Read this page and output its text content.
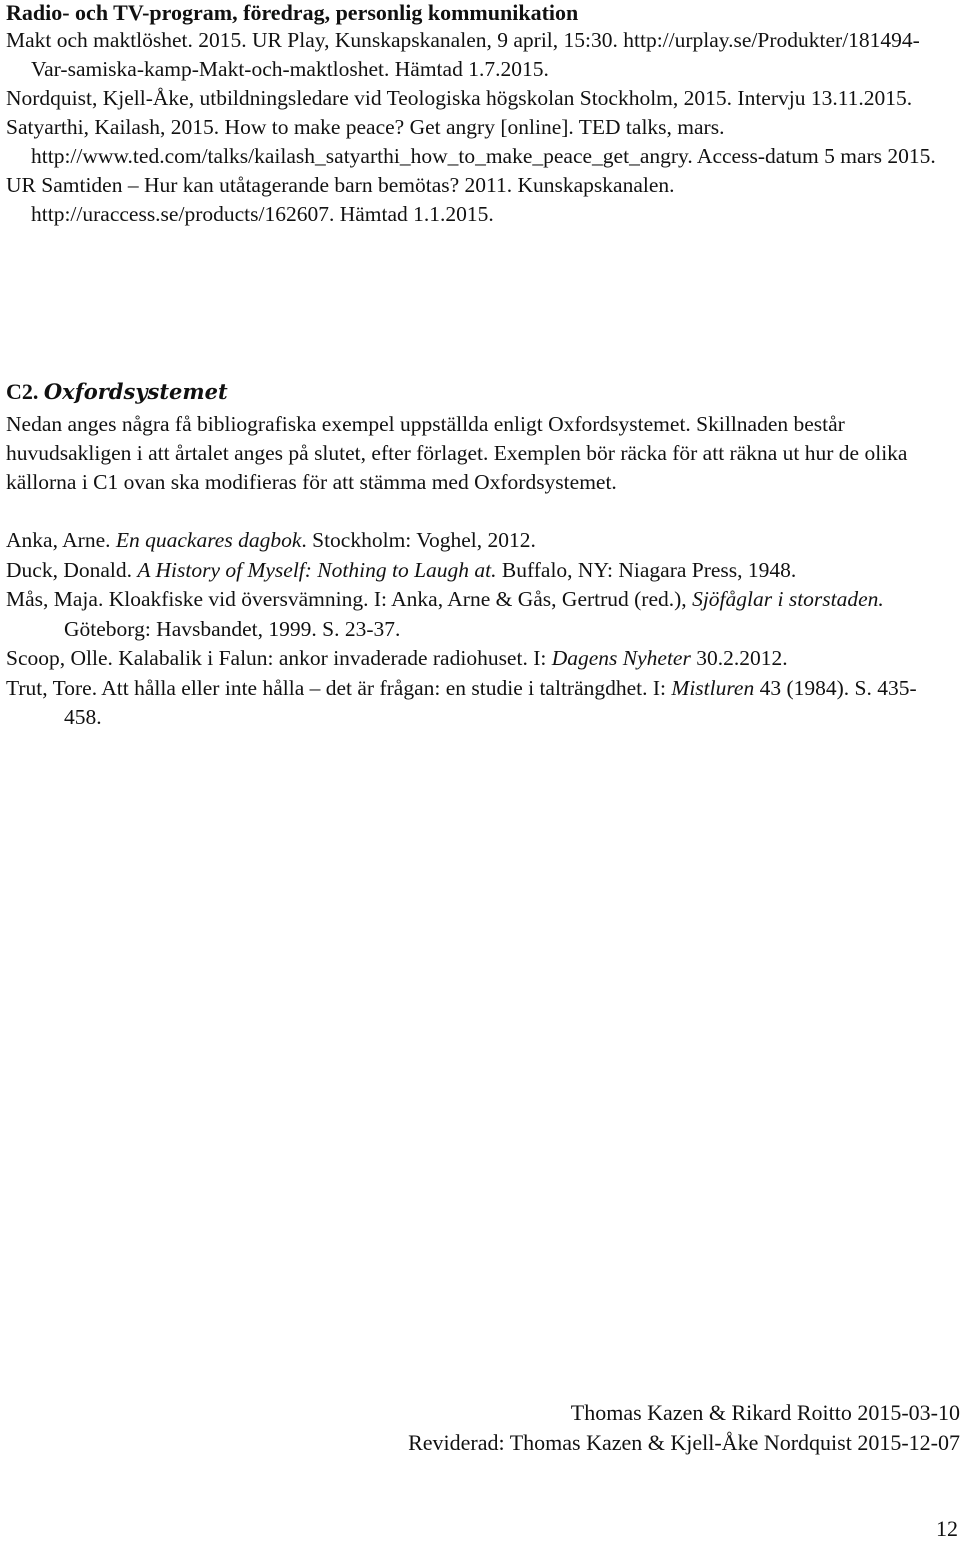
Radio- och TV-program, föredrag, personlig kommunikation

Makt och maktlöshet. 2015. UR Play, Kunskapskanalen, 9 april, 15:30. http://urplay.se/Produkter/181494-Var-samiska-kamp-Makt-och-maktloshet. Hämtad 1.7.2015.

Nordquist, Kjell-Åke, utbildningsledare vid Teologiska högskolan Stockholm, 2015. Intervju 13.11.2015.

Satyarthi, Kailash, 2015. How to make peace? Get angry [online]. TED talks, mars. http://www.ted.com/talks/kailash_satyarthi_how_to_make_peace_get_angry. Access-datum 5 mars 2015.

UR Samtiden – Hur kan utåtagerande barn bemötas? 2011. Kunskapskanalen. http://uraccess.se/products/162607. Hämtad 1.1.2015.

C2. Oxfordsystemet

Nedan anges några få bibliografiska exempel uppställda enligt Oxfordsystemet. Skillnaden består huvudsakligen i att årtalet anges på slutet, efter förlaget. Exemplen bör räcka för att räkna ut hur de olika källorna i C1 ovan ska modifieras för att stämma med Oxfordsystemet.

Anka, Arne. En quackares dagbok. Stockholm: Voghel, 2012.

Duck, Donald. A History of Myself: Nothing to Laugh at. Buffalo, NY: Niagara Press, 1948.

Mås, Maja. Kloakfiske vid översvämning. I: Anka, Arne & Gås, Gertrud (red.), Sjöfåglar i storstaden. Göteborg: Havsbandet, 1999. S. 23-37.

Scoop, Olle. Kalabalik i Falun: ankor invaderade radiohuset. I: Dagens Nyheter 30.2.2012.

Trut, Tore. Att hålla eller inte hålla – det är frågan: en studie i talträngdhet. I: Mistluren 43 (1984). S. 435-458.

Thomas Kazen & Rikard Roitto 2015-03-10
Reviderad: Thomas Kazen & Kjell-Åke Nordquist 2015-12-07
12
